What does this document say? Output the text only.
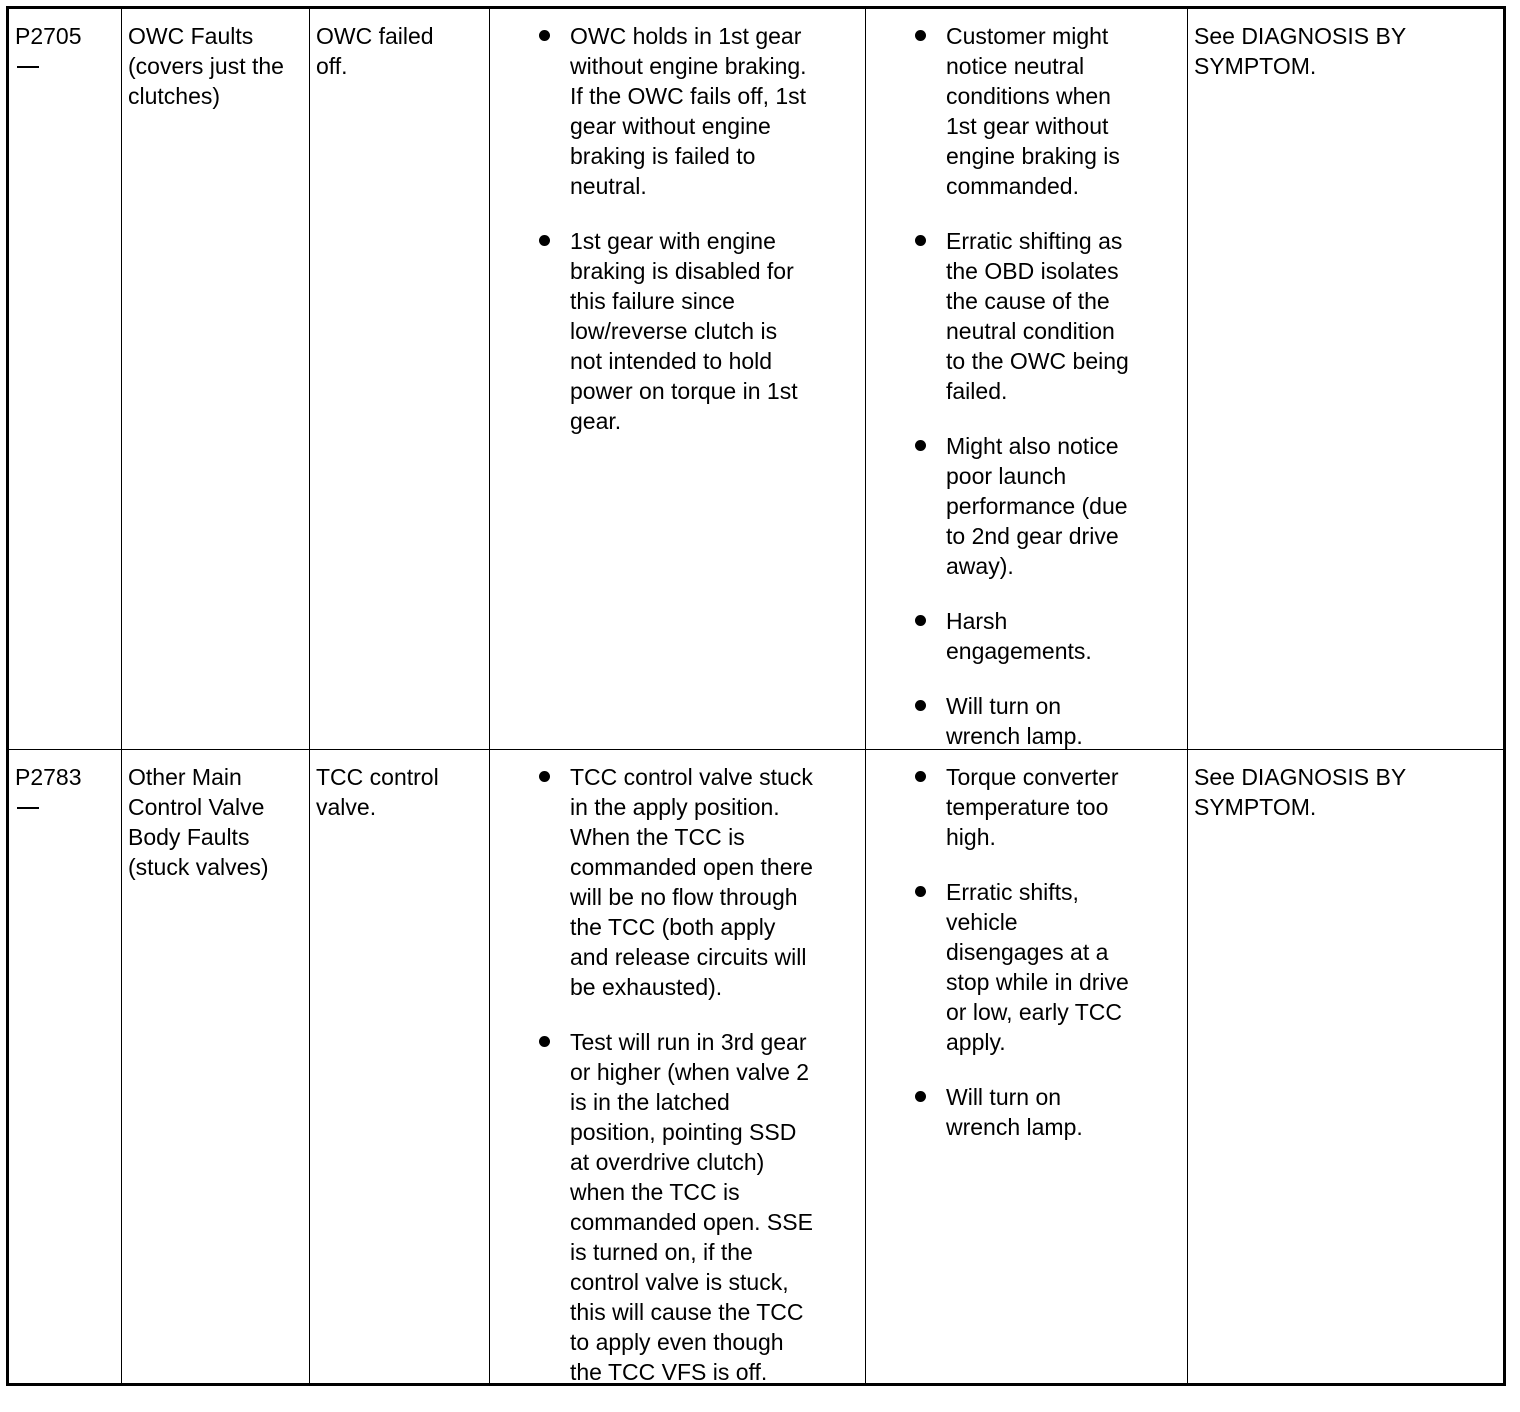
P2705	OWC Faults
(covers just the
clutches)
OWC failed
off.
OWC holds in 1st gear
without engine braking.
If the OWC fails off, 1st
gear without engine
braking is failed to
neutral.
1st gear with engine
braking is disabled for
this failure since
low/reverse clutch is
not intended to hold
power on torque in 1st
gear.
Customer might
notice neutral
conditions when
1st gear without
engine braking is
commanded.
Erratic shifting as
the OBD isolates
the cause of the
neutral condition
to the OWC being
failed.
Might also notice
poor launch
performance (due
to 2nd gear drive
away).
Harsh
engagements.
Will turn on
wrench lamp.
See DIAGNOSIS BY
SYMPTOM.
P2783	Other Main
Control Valve
Body Faults
(stuck valves)
TCC control
valve.
TCC control valve stuck
in the apply position.
When the TCC is
commanded open there
will be no flow through
the TCC (both apply
and release circuits will
be exhausted).
Test will run in 3rd gear
or higher (when valve 2
is in the latched
position, pointing SSD
at overdrive clutch)
when the TCC is
commanded open. SSE
is turned on, if the
control valve is stuck,
this will cause the TCC
to apply even though
the TCC VFS is off.
Torque converter
temperature too
high.
Erratic shifts,
vehicle
disengages at a
stop while in drive
or low, early TCC
apply.
Will turn on
wrench lamp.
See DIAGNOSIS BY
SYMPTOM.
